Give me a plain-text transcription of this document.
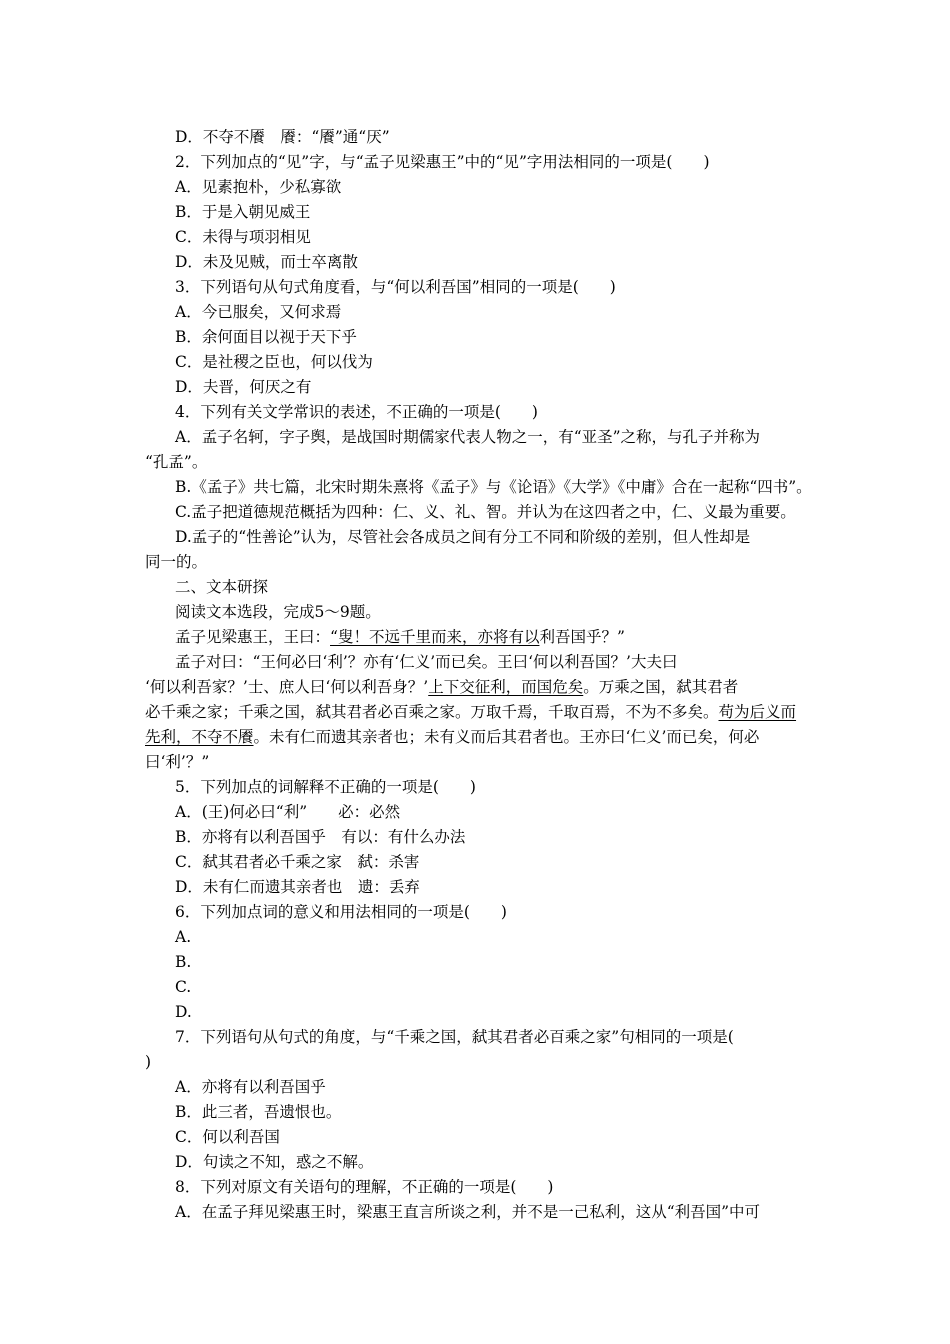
D．不夺不餍　餍：“餍”通“厌”
2．下列加点的“见”字，与“孟子见梁惠王”中的“见”字用法相同的一项是(　　)
A．见素抱朴，少私寡欲
B．于是入朝见威王
C．未得与项羽相见
D．未及见贼，而士卒离散
3．下列语句从句式角度看，与“何以利吾国”相同的一项是(　　)
A．今已服矣，又何求焉
B．余何面目以视于天下乎
C．是社稷之臣也，何以伐为
D．夫晋，何厌之有
4．下列有关文学常识的表述，不正确的一项是(　　)
A．孟子名轲，字子舆，是战国时期儒家代表人物之一，有“亚圣”之称，与孔子并称为
“孔孟”。
B.《孟子》共七篇，北宋时期朱熹将《孟子》与《论语》《大学》《中庸》合在一起称“四书”。
C.孟子把道德规范概括为四种：仁、义、礼、智。并认为在这四者之中，仁、义最为重要。
D.孟子的“性善论”认为，尽管社会各成员之间有分工不同和阶级的差别，但人性却是
同一的。
二、文本研探
阅读文本选段，完成5～9题。
孟子见梁惠王，王曰：“叟！不远千里而来，亦将有以利吾国乎？”
孟子对曰：“王何必曰‘利’？亦有‘仁义’而已矣。王曰‘何以利吾国？’大夫曰
‘何以利吾家？’士、庶人曰‘何以利吾身？’上下交征利，而国危矣。万乘之国，弑其君者
必千乘之家；千乘之国，弑其君者必百乘之家。万取千焉，千取百焉，不为不多矣。苟为后义而
先利，不夺不餍。未有仁而遗其亲者也；未有义而后其君者也。王亦曰‘仁义’而已矣，何必
曰‘利’？”
5．下列加点的词解释不正确的一项是(　　)
A．(王)何必曰“利”　　必：必然
B．亦将有以利吾国乎　有以：有什么办法
C．弑其君者必千乘之家　弑：杀害
D．未有仁而遗其亲者也　遗：丢弃
6．下列加点词的意义和用法相同的一项是(　　)
A.
B.
C.
D.
7．下列语句从句式的角度，与“千乘之国，弑其君者必百乘之家”句相同的一项是(
)
A．亦将有以利吾国乎
B．此三者，吾遗恨也。
C．何以利吾国
D．句读之不知，惑之不解。
8．下列对原文有关语句的理解，不正确的一项是(　　)
A．在孟子拜见梁惠王时，梁惠王直言所谈之利，并不是一己私利，这从“利吾国”中可
